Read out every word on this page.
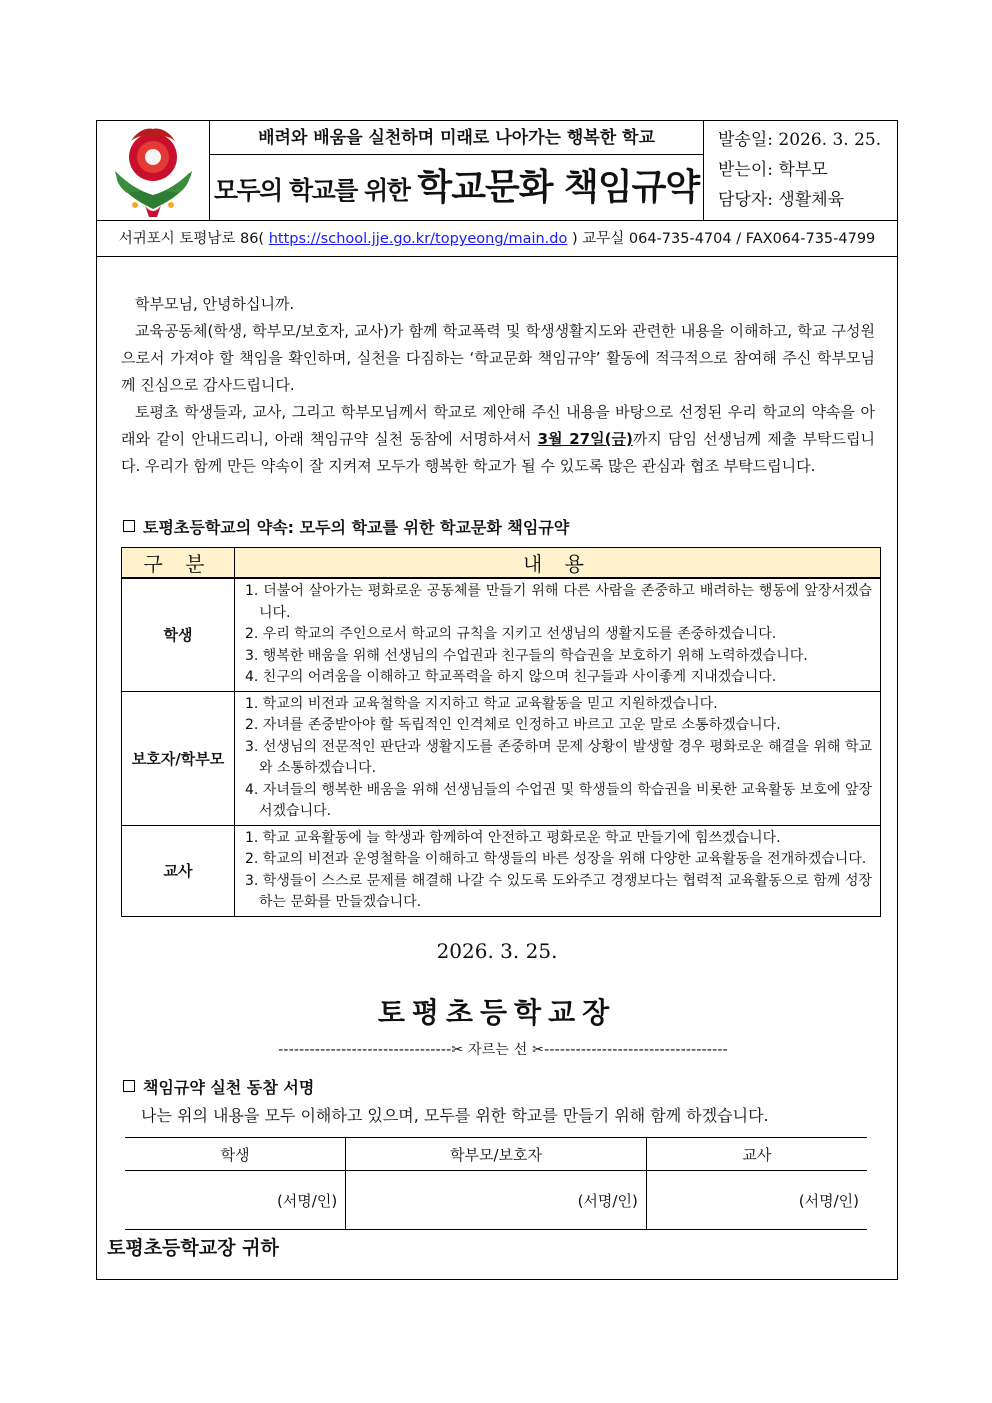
배려와 배움을 실천하며 미래로 나아가는 행복한 학교
모두의 학교를 위한 학교문화 책임규약
발송일: 2026. 3. 25.
받는이: 학부모
담당자: 생활체육
서귀포시 토평남로 86( https://school.jje.go.kr/topyeong/main.do ) 교무실 064-735-4704 / FAX064-735-4799
학부모님, 안녕하십니까.
교육공동체(학생, 학부모/보호자, 교사)가 함께 학교폭력 및 학생생활지도와 관련한 내용을 이해하고, 학교 구성원으로서 가져야 할 책임을 확인하며, 실천을 다짐하는 ‘학교문화 책임규약’ 활동에 적극적으로 참여해 주신 학부모님께 진심으로 감사드립니다.
토평초 학생들과, 교사, 그리고 학부모님께서 학교로 제안해 주신 내용을 바탕으로 선정된 우리 학교의 약속을 아래와 같이 안내드리니, 아래 책임규약 실천 동참에 서명하셔서 3월 27일(금)까지 담임 선생님께 제출 부탁드립니다. 우리가 함께 만든 약속이 잘 지켜져 모두가 행복한 학교가 될 수 있도록 많은 관심과 협조 부탁드립니다.
토평초등학교의 약속: 모두의 학교를 위한 학교문화 책임규약
구 분	내 용
학생	1. 더불어 살아가는 평화로운 공동체를 만들기 위해 다른 사람을 존중하고 배려하는 행동에 앞장서겠습니다.
2. 우리 학교의 주인으로서 학교의 규칙을 지키고 선생님의 생활지도를 존중하겠습니다.
3. 행복한 배움을 위해 선생님의 수업권과 친구들의 학습권을 보호하기 위해 노력하겠습니다.
4. 친구의 어려움을 이해하고 학교폭력을 하지 않으며 친구들과 사이좋게 지내겠습니다.

보호자/학부모	1. 학교의 비전과 교육철학을 지지하고 학교 교육활동을 믿고 지원하겠습니다.
2. 자녀를 존중받아야 할 독립적인 인격체로 인정하고 바르고 고운 말로 소통하겠습니다.
3. 선생님의 전문적인 판단과 생활지도를 존중하며 문제 상황이 발생할 경우 평화로운 해결을 위해 학교와 소통하겠습니다.
4. 자녀들의 행복한 배움을 위해 선생님들의 수업권 및 학생들의 학습권을 비롯한 교육활동 보호에 앞장서겠습니다.

교사	1. 학교 교육활동에 늘 학생과 함께하여 안전하고 평화로운 학교 만들기에 힘쓰겠습니다.
2. 학교의 비전과 운영철학을 이해하고 학생들의 바른 성장을 위해 다양한 교육활동을 전개하겠습니다.
3. 학생들이 스스로 문제를 해결해 나갈 수 있도록 도와주고 경쟁보다는 협력적 교육활동으로 함께 성장하는 문화를 만들겠습니다.
2026. 3. 25.
토평초등학교장
---------------------------------✂ 자르는 선 ✂-----------------------------------
책임규약 실천 동참 서명
나는 위의 내용을 모두 이해하고 있으며, 모두를 위한 학교를 만들기 위해 함께 하겠습니다.
학생	학부모/보호자	교사
(서명/인)	(서명/인)	(서명/인)
토평초등학교장 귀하
